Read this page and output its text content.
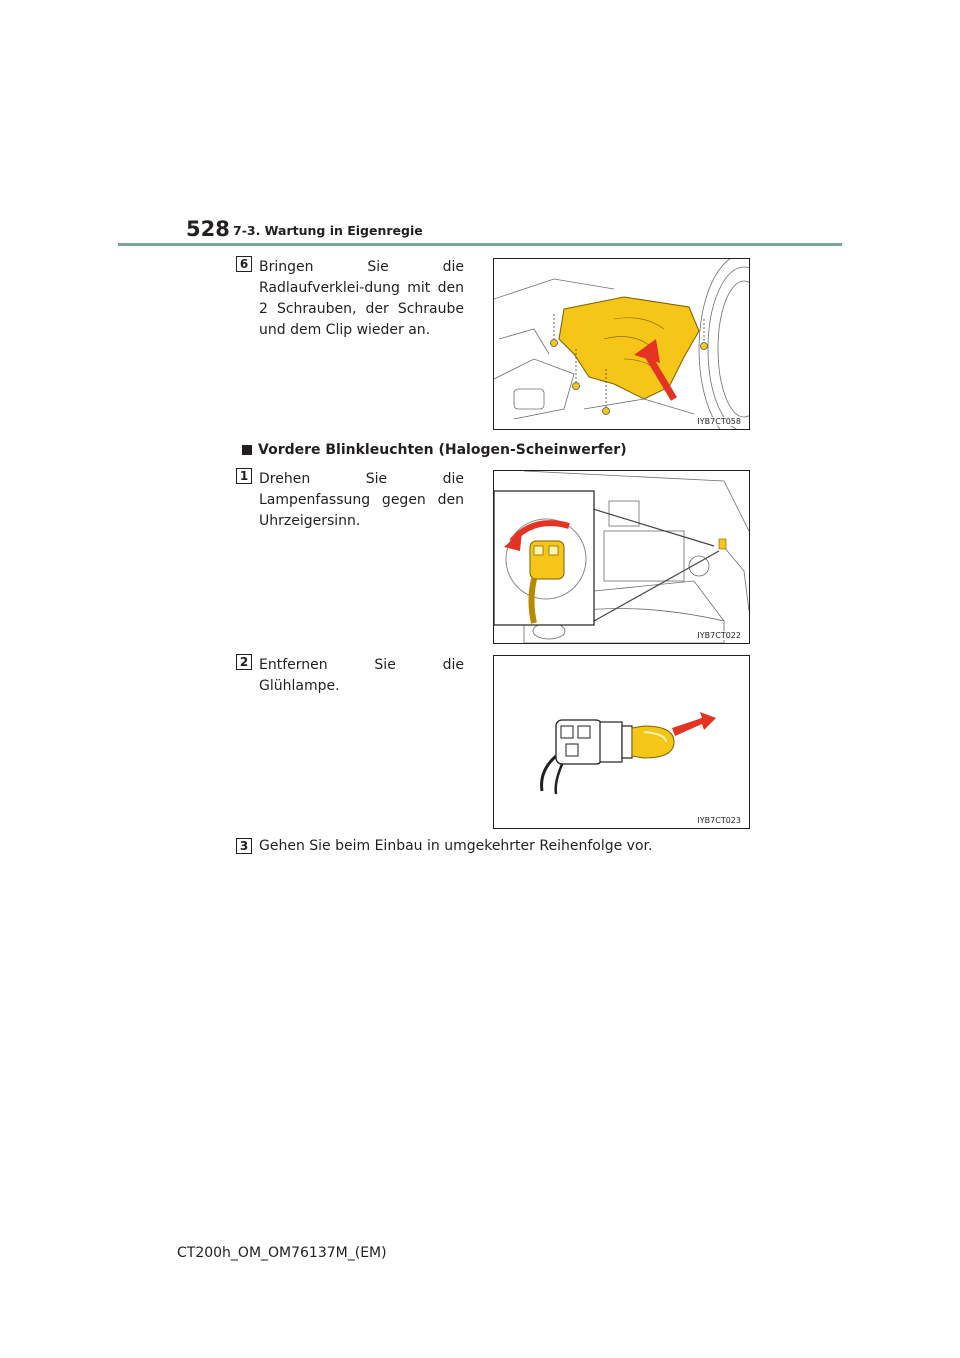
528 7-3. Wartung in Eigenregie
6 Bringen Sie die Radlaufverklei-dung mit den 2 Schrauben, der Schraube und dem Clip wieder an.
IYB7CT058
Vordere Blinkleuchten (Halogen-Scheinwerfer)
1 Drehen Sie die Lampenfassung gegen den Uhrzeigersinn.
IYB7CT022
2 Entfernen Sie die Glühlampe.
IYB7CT023
3 Gehen Sie beim Einbau in umgekehrter Reihenfolge vor.
CT200h_OM_OM76137M_(EM)
